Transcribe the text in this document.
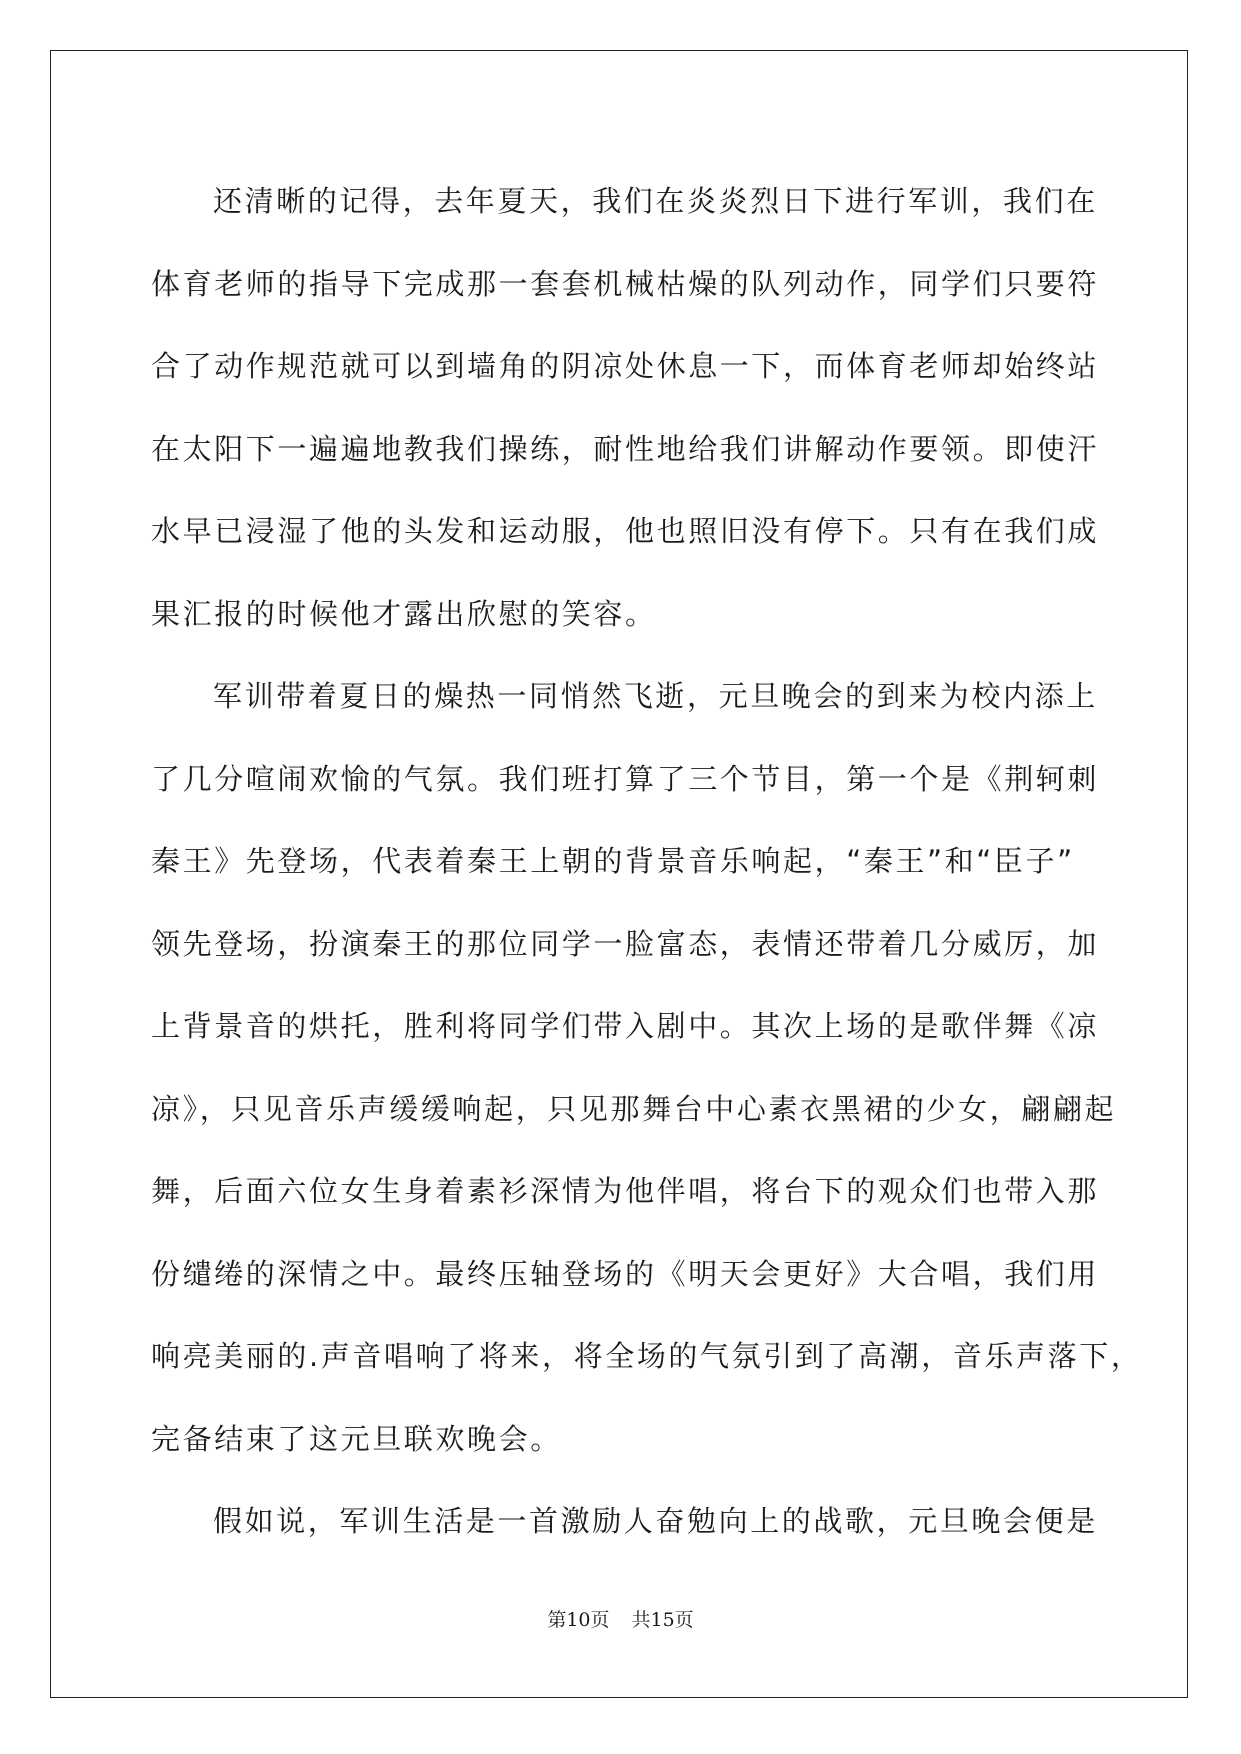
还清晰的记得，去年夏天，我们在炎炎烈日下进行军训，我们在
体育老师的指导下完成那一套套机械枯燥的队列动作，同学们只要符
合了动作规范就可以到墙角的阴凉处休息一下，而体育老师却始终站
在太阳下一遍遍地教我们操练，耐性地给我们讲解动作要领。即使汗
水早已浸湿了他的头发和运动服，他也照旧没有停下。只有在我们成
果汇报的时候他才露出欣慰的笑容。
军训带着夏日的燥热一同悄然飞逝，元旦晚会的到来为校内添上
了几分喧闹欢愉的气氛。我们班打算了三个节目，第一个是《荆轲刺
秦王》先登场，代表着秦王上朝的背景音乐响起，“秦王”和“臣子”
领先登场，扮演秦王的那位同学一脸富态，表情还带着几分威厉，加
上背景音的烘托，胜利将同学们带入剧中。其次上场的是歌伴舞《凉
凉》，只见音乐声缓缓响起，只见那舞台中心素衣黑裙的少女，翩翩起
舞，后面六位女生身着素衫深情为他伴唱，将台下的观众们也带入那
份缱绻的深情之中。最终压轴登场的《明天会更好》大合唱，我们用
响亮美丽的.声音唱响了将来，将全场的气氛引到了高潮，音乐声落下，
完备结束了这元旦联欢晚会。
假如说，军训生活是一首激励人奋勉向上的战歌，元旦晚会便是
第10页 共15页
